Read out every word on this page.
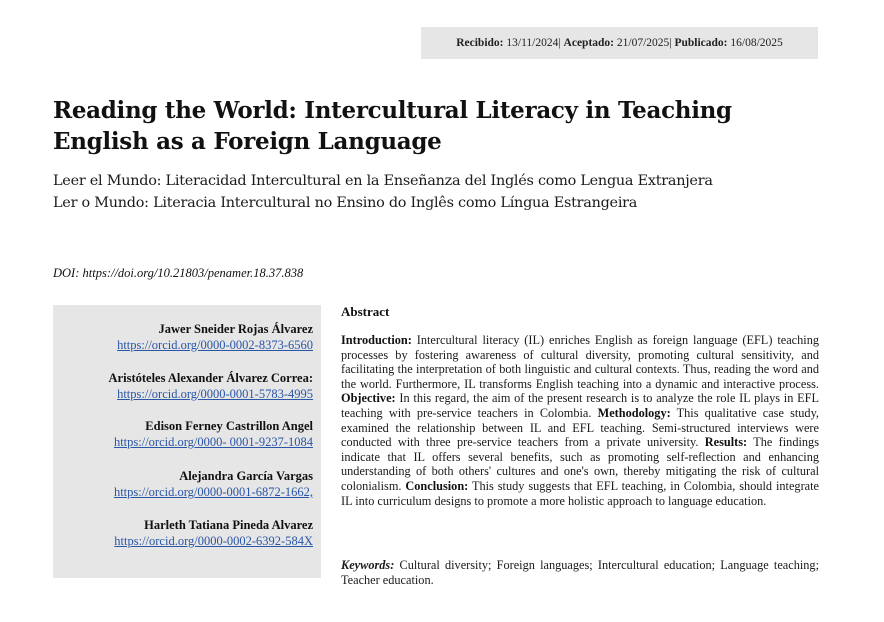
Recibido: 13/11/2024| Aceptado: 21/07/2025| Publicado: 16/08/2025
Reading the World: Intercultural Literacy in Teaching
English as a Foreign Language
Leer el Mundo: Literacidad Intercultural en la Enseñanza del Inglés como Lengua Extranjera
Ler o Mundo: Literacia Intercultural no Ensino do Inglês como Língua Estrangeira
DOI: https://doi.org/10.21803/penamer.18.37.838
Jawer Sneider Rojas Álvarez
https://orcid.org/0000-0002-8373-6560
Aristóteles Alexander Álvarez Correa:
https://orcid.org/0000-0001-5783-4995
Edison Ferney Castrillon Angel
https://orcid.org/0000- 0001-9237-1084
Alejandra García Vargas
https://orcid.org/0000-0001-6872-1662,
Harleth Tatiana Pineda Alvarez
https://orcid.org/0000-0002-6392-584X
Abstract

Introduction: Intercultural literacy (IL) enriches English as foreign language (EFL) teaching processes by fostering awareness of cultural diversity, promoting cultural sensitivity, and facilitating the interpretation of both linguistic and cultural contexts. Thus, reading the word and the world. Furthermore, IL transforms English teaching into a dynamic and interactive process. Objective: In this regard, the aim of the present research is to analyze the role IL plays in EFL teaching with pre-service teachers in Colombia. Methodology: This qualitative case study, examined the relationship between IL and EFL teaching. Semi-structured interviews were conducted with three pre-service teachers from a private university. Results: The findings indicate that IL offers several benefits, such as promoting self-reflection and enhancing understanding of both others' cultures and one's own, thereby mitigating the risk of cultural colonialism. Conclusion: This study suggests that EFL teaching, in Colombia, should integrate IL into curriculum designs to promote a more holistic approach to language education.

Keywords: Cultural diversity; Foreign languages; Intercultural education; Language teaching; Teacher education.
